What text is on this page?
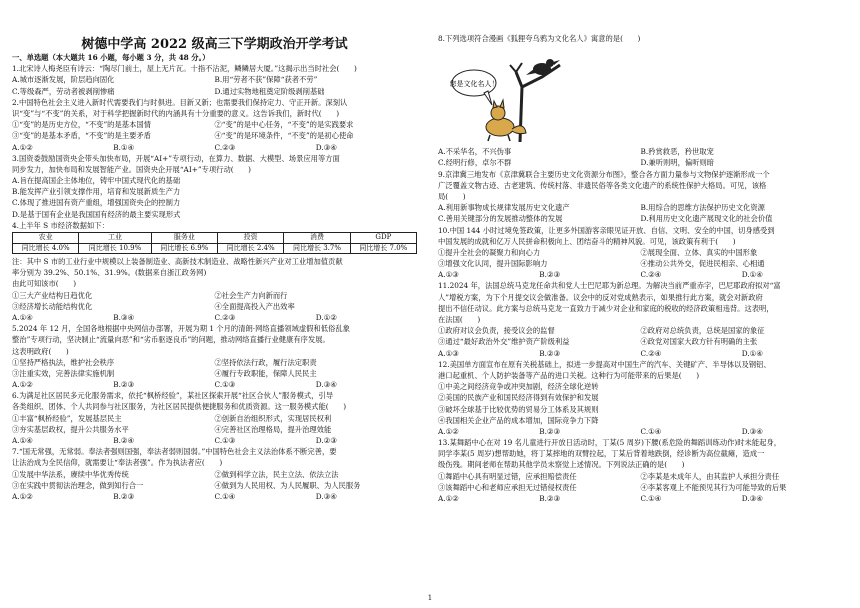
树德中学高 2022 级高三下学期政治开学考试
一、单选题（本大题共 16 小题，每小题 3 分，共 48 分。）
1.北宋诗人梅尧臣有诗云：“陶尽门前土，屋上无片瓦。十指不沾泥，鳞鳞居大厦。”这揭示出当时社会(　　)
A.城市逐渐发展，阶层趋向固化	B.用“劳者不获”保障“获者不劳”
C.等级森严，劳动者被剥削惨痛	D.通过实物地租奠定阶级剥削基础
2.中国特色社会主义进入新时代需要我们与时俱进。目新又新；也需要我们保持定力、守正开新。深刻认
识“变”与“不变”的关系，对于科学把握新时代的内涵具有十分重要的意义。这告诉我们，新时代(　　)
①“变”的是历史方位，“不变”的是基本国情	②“变”的是中心任务，“不变”的是实践要求
③“变”的是基本矛盾，“不变”的是主要矛盾	④“变”的是环境条件，“不变”的是初心使命
A.①②	B.①④	C.②③	D.③④
3.国资委鼓励国资央企带头加快布局，开展“AI+”专项行动，在算力、数据、大模型、场景应用等方面
同步发力，加快布局和发展智能产业。国资央企开展“AI+”专项行动(　　)
A.旨在提高国企主体地位，铸牢中国式现代化的基础
B.能发挥产业引领支撑作用，培育和发展新质生产力
C.体现了推进国有资产重组，增强国资央企的控制力
D.是基于国有企业是我国国有经济的最主要实现形式
4.上半年 S 市经济数据如下：
农业	工业	服务业	投资	消费	GDP
同比增长 4.0%	同比增长 10.9%	同比增长 6.9%	同比增长 2.4%	同比增长 3.7%	同比增长 7.0%
注：其中 S 市的工业行业中规模以上装备制造业、高新技术制造业、战略性新兴产业对工业增加值贡献
率分别为 39.2%、50.1%、31.9%。(数据来自浙江政务网)
由此可知该市(　　)
①三大产业结构日趋优化	②社会生产力向新而行
③经济增长动能结构优化	④全面提高投入产出效率
A.①④	B.③④	C.②③	D.①②
5.2024 年 12 月，全国各地根据中央网信办部署，开展为期 1 个月的清朗·网络直播领域虚假和低俗乱象
整治”专项行动，坚决制止“流量向恶”和“劣币驱逐良币”的问题，推动网络直播行业健康有序发展。
这表明政府(　　)
①坚持严格执法，维护社会秩序	②坚持依法行政，履行法定职责
③注重实效，完善法律实施机制	④履行专政职能，保障人民民主
A.①②	B.②③	C.①③	D.③④
6.为满足社区居民多元化服务需求，依托“枫桥经验”，某社区探索开展“社区合伙人”服务模式，引导
各类组织、团体、个人共同参与社区服务，为社区居民提供便捷服务和优质资源。这一服务模式能(　　)
①丰富“枫桥经验”，发展基层民主	②创新自治组织形式，实现居民权利
③夯实基层政权，提升公共服务水平	④完善社区治理格局，提升治理效能
A.①④	B.②④	C.①③	D.②③
7.“国无常强，无常弱。奉法者强则国强，奉法者弱则国弱。”中国特色社会主义法治体系不断完善，要
让法治成为全民信仰，就需要让“奉法者强”。作为执法者应(　　)
①发展中华法系，赓续中华优秀传统	②做到科学立法，民主立法、依法立法
③在实践中贯彻法治理念，做到知行合一	④做到为人民用权、为人民履职、为人民服务
A.①②	B.②③	C.①④	D.③④
8.下列选项符合漫画《狐狸夸乌鸦为文化名人》寓意的是(　　)
您是文化名人！
A.不采华名，不兴伪事	B.矜赏救恶，矜世取宠
C.经明行修，卓尔不群	D.兼听则明，偏听则暗
9.京津冀三地发布《京津冀联合主要历史文化资源分布图》，整合各方面力量参与文物保护逐渐形成一个
广泛覆盖文物古迹、古老建筑、传统村落、非遗民俗等各类文化遗产的系统性保护大格局。可见，该格
局(　　)
A.利用新事物成长规律发展历史文化遗产	B.用综合的思维方法保护历史文化资源
C.善用关键部分的发展推动整体的发展	D.利用历史文化遗产展现文化的社会价值
10.中国 144 小时过境免签政策，让更多外国游客亲眼见证开放、自信、文明、安全的中国，切身感受到
中国发展的成就和亿万人民拼命积极向上、团结奋斗的精神风貌。可见，该政策有利于(　　)
①提升全社会的凝聚力和向心力	②展现全面、立体、真实的中国形象
③增强文化认同，提升国际影响力	④推动公共外交，促进民相亲、心相通
A.①③	B.②③	C.②④	D.①④
11.2024 年，法国总统马克龙任命共和党人士巴尼耶为新总理。为解决当前严重赤字，巴尼耶政府拟对“富
人”增税方案，为下个月提交议会做准备。议会中的反对党成熟表示，如果推行此方案，就会对新政府
提出不信任动议。此方案与总统马克龙一直致力于减少对企业和家庭的税收的经济政策相违背。这表明，
在法国(　　)
①政府对议会负责，接受议会的监督	②政府对总统负责，总统是国家的象征
③通过“最好政治外交”维护资产阶级利益	④政党对国家大政方针有明确的主张
A.①③	B.②③	C.②④	D.①④
12.美国单方面宣布在原有关税基础上，拟进一步提高对中国生产的汽车、关键矿产、半导体以及钢铝、
港口起重机、个人防护装备等产品的进口关税。这种行为可能带来的后果是(　　)
①中美之间经济竞争或冲突加剧，经济全球化逆转
②美国的民族产业和国民经济得到有效保护和发展
③破坏全球基于比较优势的贸易分工体系及其规则
④我国相关企业产品的成本增加，国际竞争力下降
A.①②	B.②③	C.①④	D.③④
13.某舞蹈中心在对 19 名儿童进行开放日活动时，丁某(5 周岁)下腰(系危险的舞蹈训练动作)时未能起身，
同学李某(5 周岁)想帮助她，将丁某摔地的双臂拉起，丁某后背着地跌倒，经诊断为高位截瘫，造成一
级伤残。期间老师在帮助其他学员未察觉上述情况。下列说法正确的是(　　)
①舞蹈中心具有明显过错，应承担赔偿责任	②李某是未成年人，由其监护人承担分责任
③该舞蹈中心和老师应承担无过错侵权责任	④李某客观上不能预见其行为可能导致的后果
A.①②	B.②③	C.①④	D.③④
1
